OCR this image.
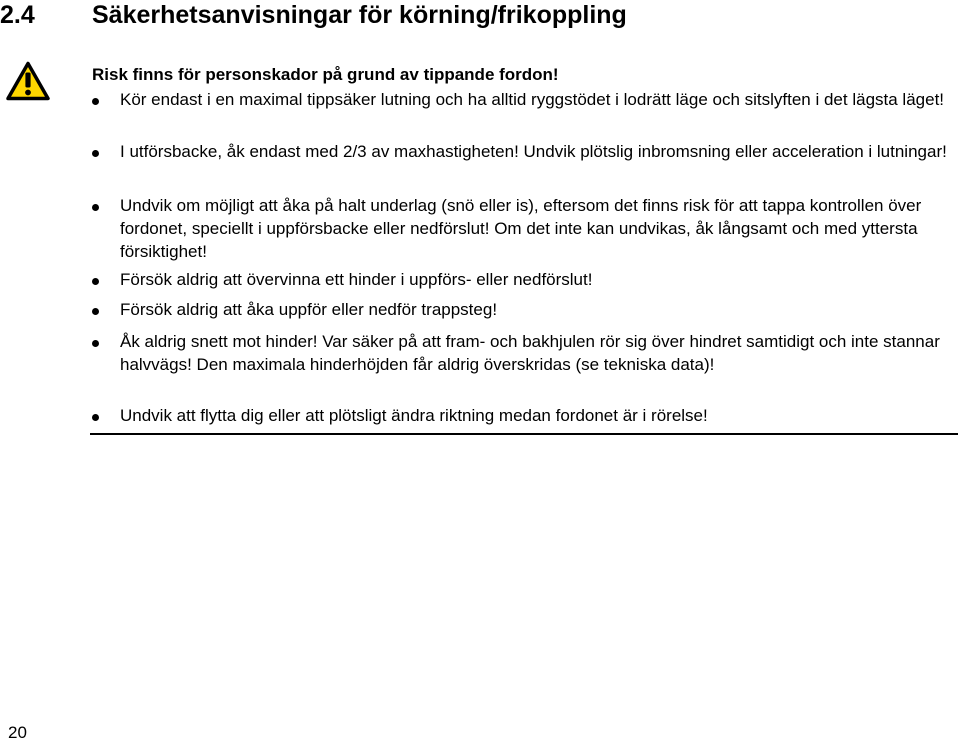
2.4	Säkerhetsanvisningar för körning/frikoppling
Risk finns för personskador på grund av tippande fordon!
Kör endast i en maximal tippsäker lutning och ha alltid ryggstödet i lodrätt läge och sitslyften i det lägsta läget!
I utförsbacke, åk endast med 2/3 av maxhastigheten! Undvik plötslig inbromsning eller acceleration i lutningar!
Undvik om möjligt att åka på halt underlag (snö eller is), eftersom det finns risk för att tappa kontrollen över fordonet, speciellt i uppförsbacke eller nedförslut! Om det inte kan undvikas, åk långsamt och med yttersta försiktighet!
Försök aldrig att övervinna ett hinder i uppförs- eller nedförslut!
Försök aldrig att åka uppför eller nedför trappsteg!
Åk aldrig snett mot hinder! Var säker på att fram- och bakhjulen rör sig över hindret samtidigt och inte stannar halvvägs! Den maximala hinderhöjden får aldrig överskridas (se tekniska data)!
Undvik att flytta dig eller att plötsligt ändra riktning medan fordonet är i rörelse!
20
